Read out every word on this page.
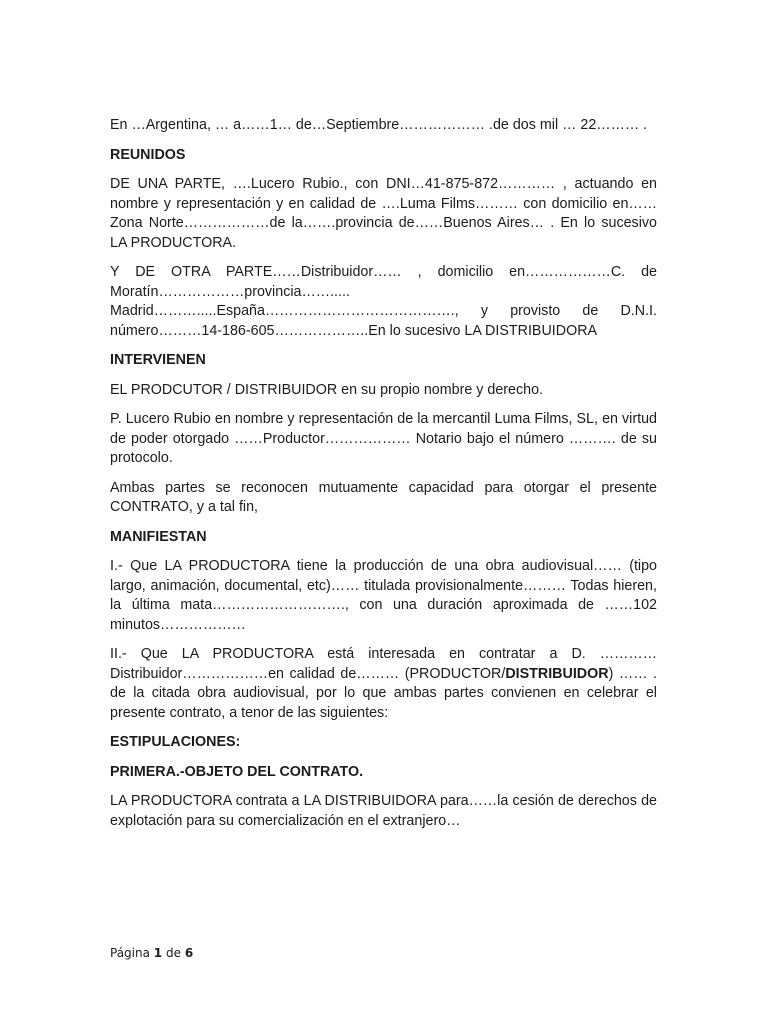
En …Argentina, … a……1… de…Septiembre……………… .de dos mil … 22……… .

REUNIDOS

DE UNA PARTE, ….Lucero Rubio., con DNI…41-875-872………… , actuando en nombre y representación y en calidad de ….Luma Films……… con domicilio en……Zona Norte………………de la…….provincia de……Buenos Aires… . En lo sucesivo LA PRODUCTORA.

Y DE OTRA PARTE……Distribuidor…… , domicilio en………………C. de Moratín………………provincia……..... Madrid……….....España…………………………………., y provisto de D.N.I. número………14-186-605………………..En lo sucesivo LA DISTRIBUIDORA

INTERVIENEN

EL PRODCUTOR / DISTRIBUIDOR en su propio nombre y derecho.

P. Lucero Rubio en nombre y representación de la mercantil Luma Films, SL, en virtud de poder otorgado ……Productor……………… Notario bajo el número ………. de su protocolo.

Ambas partes se reconocen mutuamente capacidad para otorgar el presente CONTRATO, y a tal fin,

MANIFIESTAN

I.- Que LA PRODUCTORA tiene la producción de una obra audiovisual…… (tipo largo, animación, documental, etc)…… titulada provisionalmente……… Todas hieren, la última mata………………………., con una duración aproximada de ……102 minutos………………

II.- Que LA PRODUCTORA está interesada en contratar a D. ………… Distribuidor………………en calidad de……… (PRODUCTOR/DISTRIBUIDOR) …… . de la citada obra audiovisual, por lo que ambas partes convienen en celebrar el presente contrato, a tenor de las siguientes:

ESTIPULACIONES:
PRIMERA.-OBJETO DEL CONTRATO.

LA PRODUCTORA contrata a LA DISTRIBUIDORA para……la cesión de derechos de explotación para su comercialización en el extranjero…

Página 1 de 6
